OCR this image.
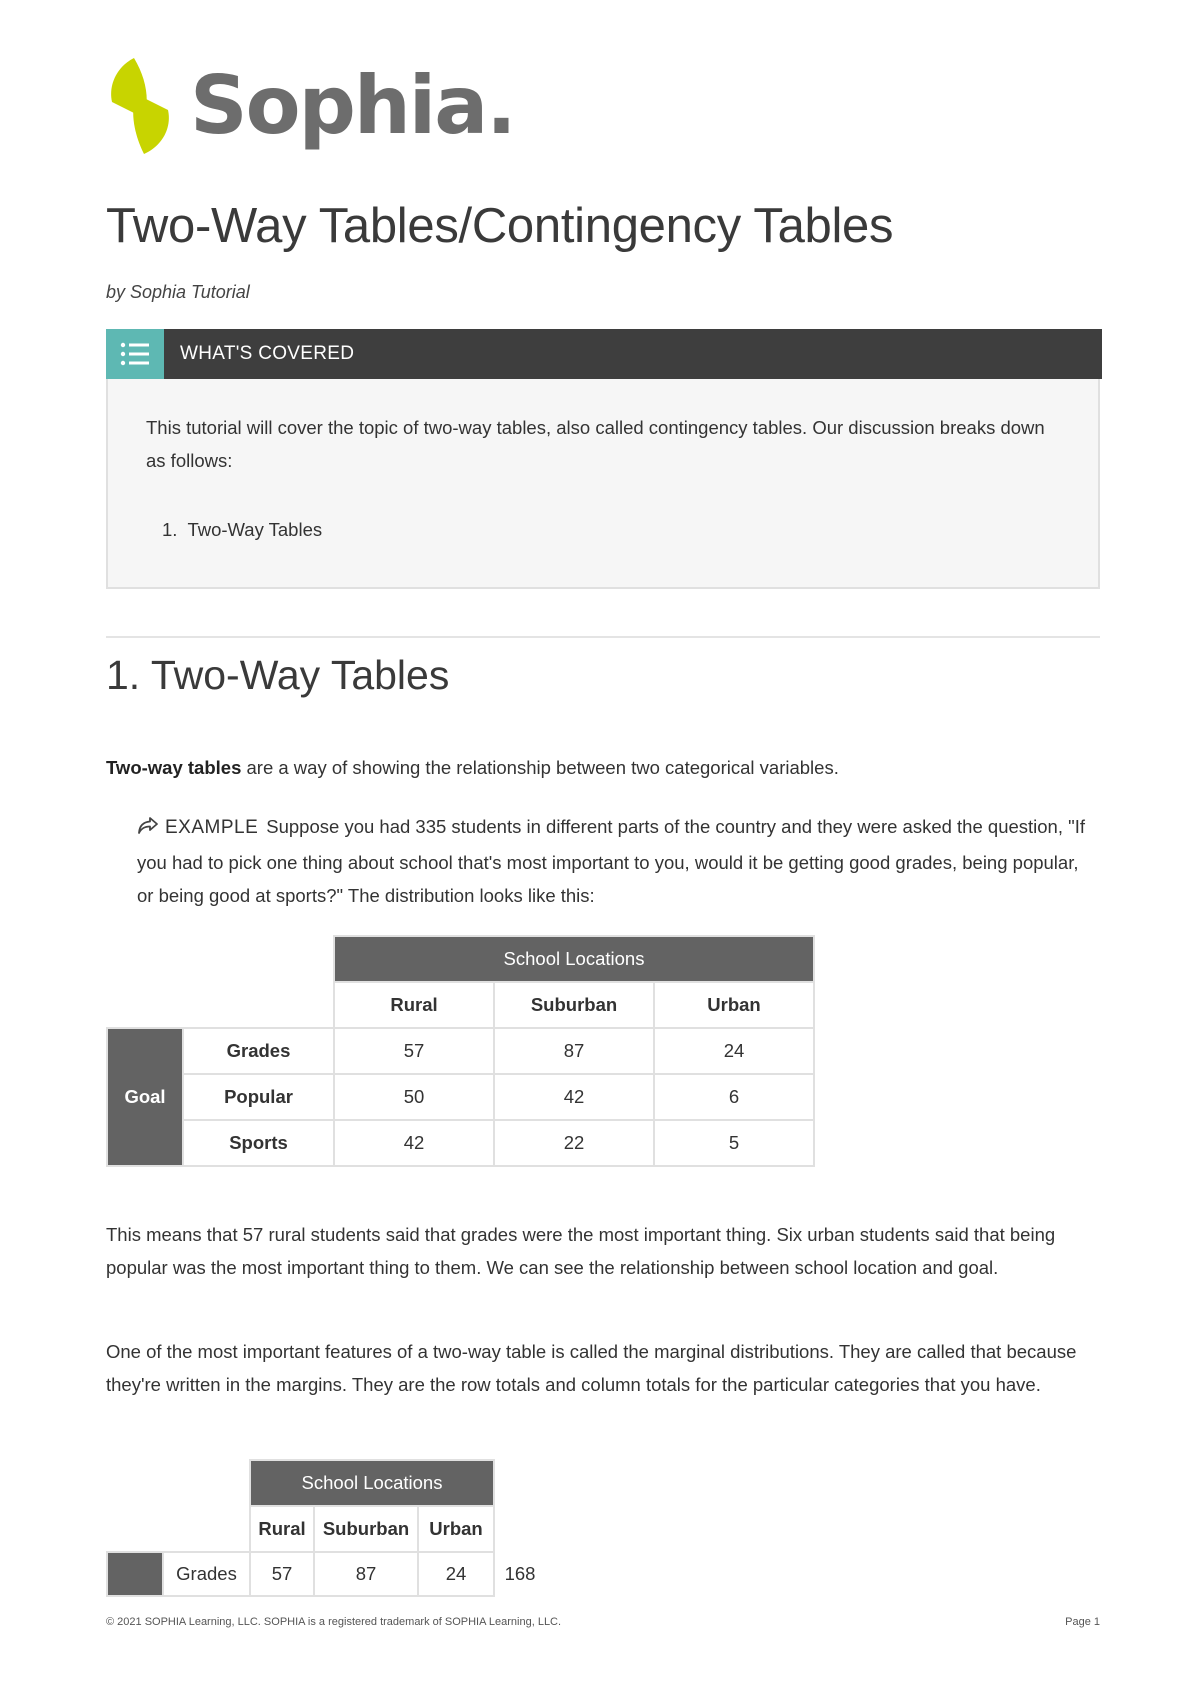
Sophia.
Two-Way Tables/Contingency Tables
by Sophia Tutorial
WHAT'S COVERED
This tutorial will cover the topic of two-way tables, also called contingency tables. Our discussion breaks down as follows:
1. Two-Way Tables
1. Two-Way Tables
Two-way tables are a way of showing the relationship between two categorical variables.
EXAMPLE Suppose you had 335 students in different parts of the country and they were asked the question, "If you had to pick one thing about school that's most important to you, would it be getting good grades, being popular, or being good at sports?" The distribution looks like this:
		School Locations		
		Rural	Suburban	Urban
Goal	Grades	57	87	24
	Popular	50	42	6
	Sports	42	22	5
This means that 57 rural students said that grades were the most important thing. Six urban students said that being popular was the most important thing to them. We can see the relationship between school location and goal.
One of the most important features of a two-way table is called the marginal distributions. They are called that because they're written in the margins. They are the row totals and column totals for the particular categories that you have.
		School Locations			
		Rural	Suburban	Urban	
	Grades	57	87	24	168
© 2021 SOPHIA Learning, LLC. SOPHIA is a registered trademark of SOPHIA Learning, LLC.	Page 1
